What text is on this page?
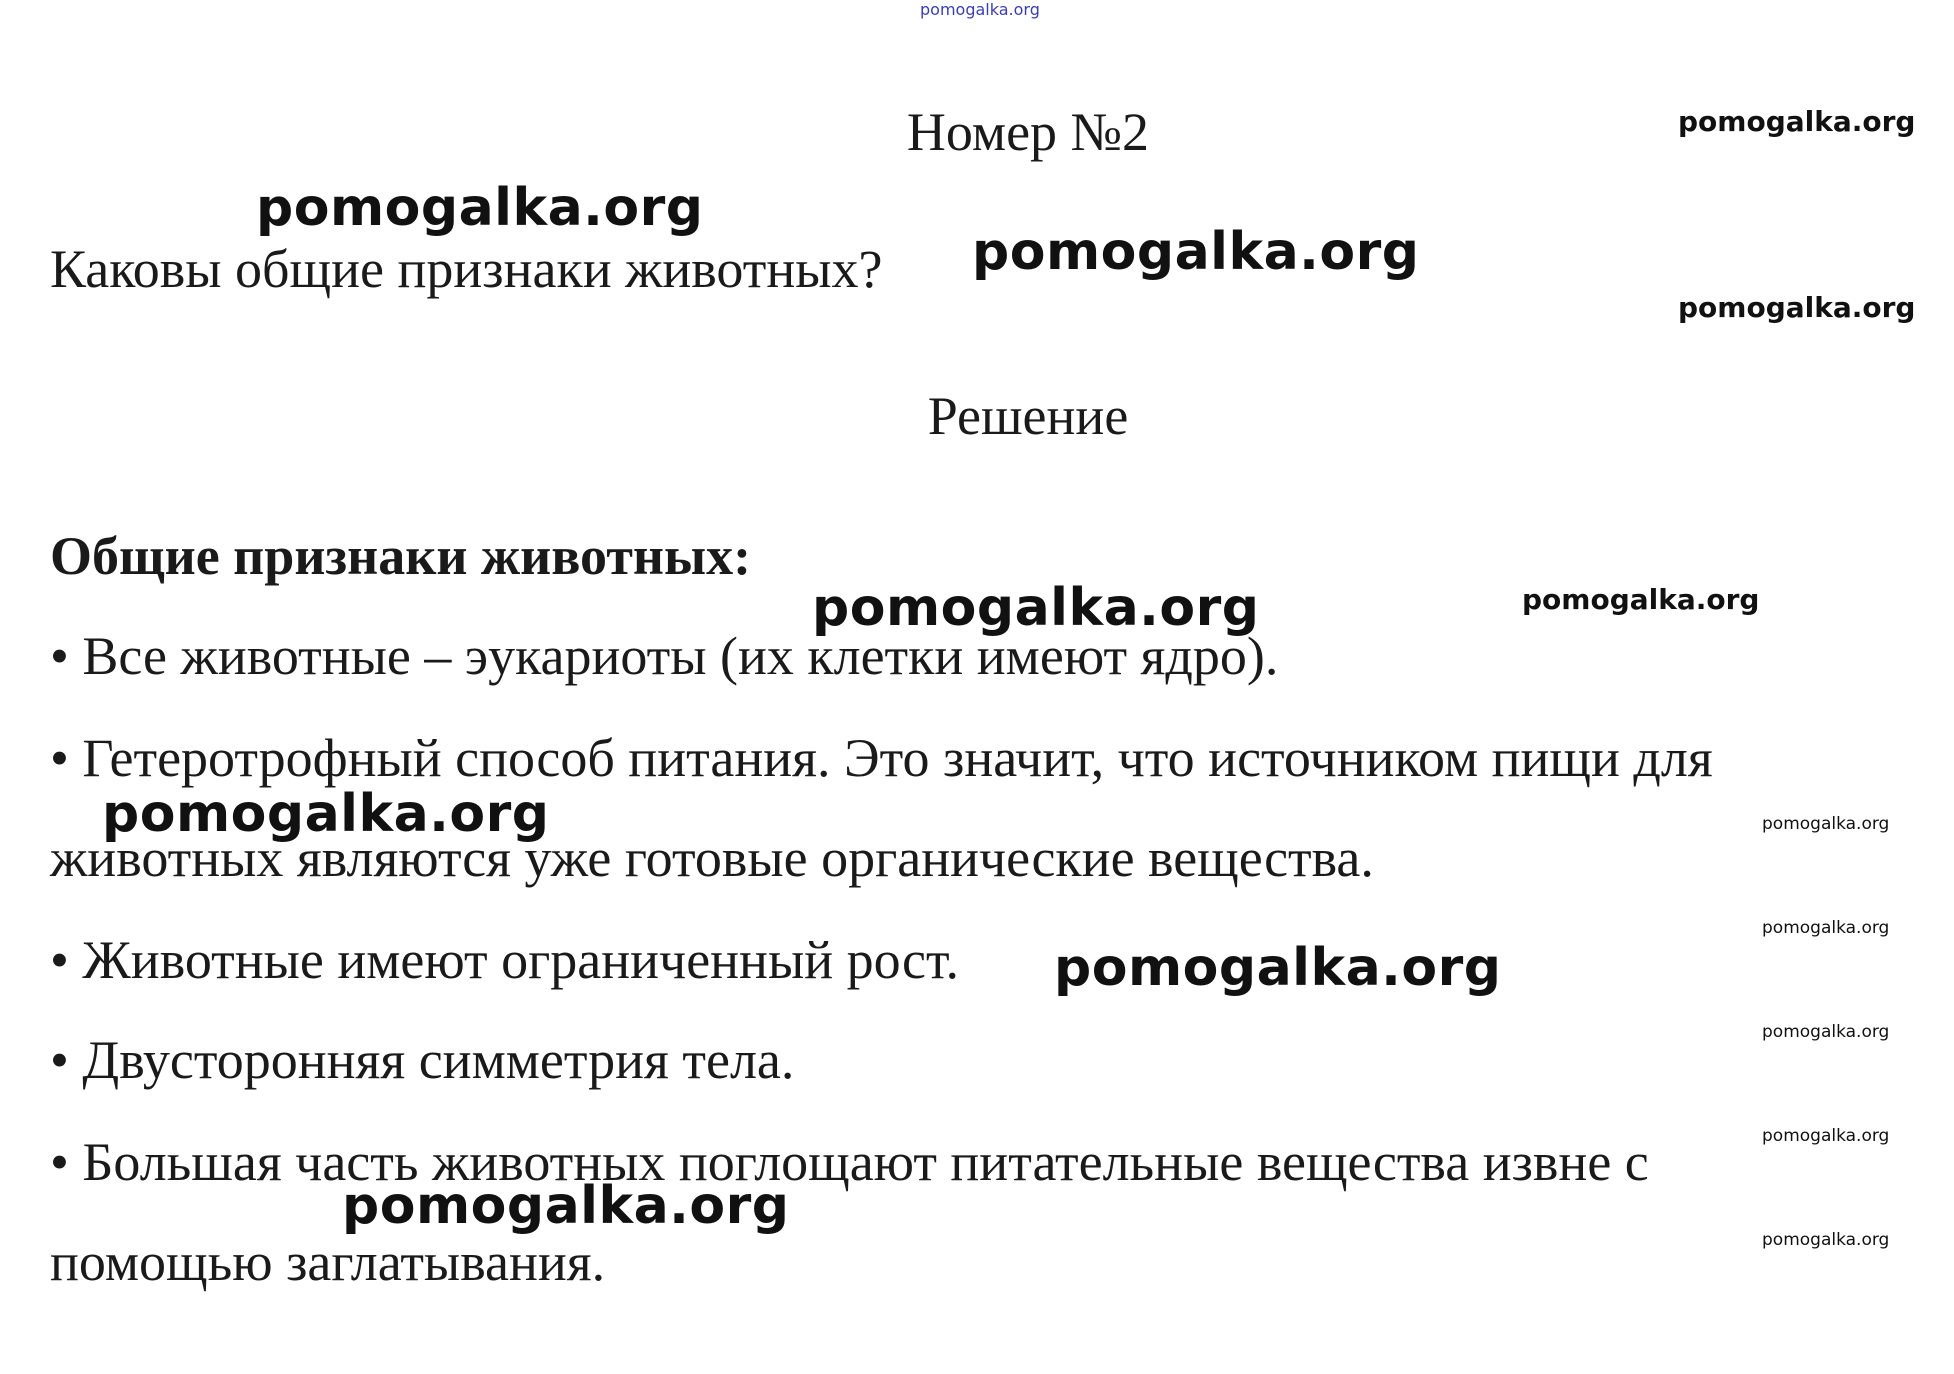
pomogalka.org
Номер №2
Каковы общие признаки животных?
Решение
Общие признаки животных:
• Все животные – эукариоты (их клетки имеют ядро).
• Гетеротрофный способ питания. Это значит, что источником пищи для
животных являются уже готовые органические вещества.
• Животные имеют ограниченный рост.
• Двусторонняя симметрия тела.
• Большая часть животных поглощают питательные вещества извне с
помощью заглатывания.
pomogalka.org
pomogalka.org
pomogalka.org
pomogalka.org
pomogalka.org
pomogalka.org
pomogalka.org
pomogalka.org
pomogalka.org
pomogalka.org
pomogalka.org
pomogalka.org
pomogalka.org
pomogalka.org
